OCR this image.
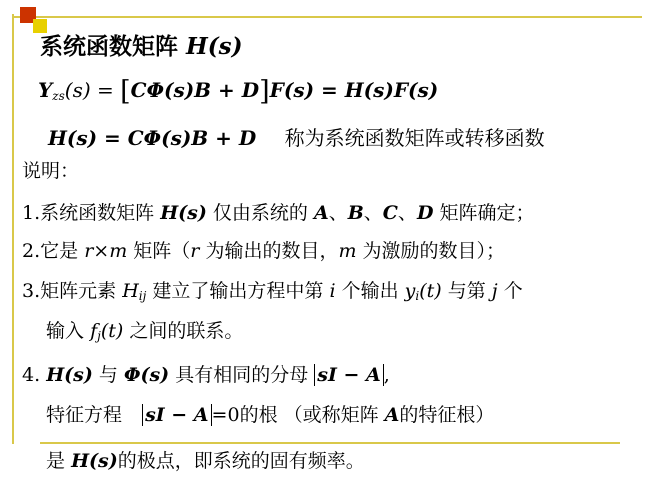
系统函数矩阵 H(s)
$Y_{zs}(s) = [C\Phi(s)B + D]F(s) = H(s)F(s)$
H(s) = CΦ(s)B + D 称为系统函数矩阵或转移函数
说明：
1.系统函数矩阵 H(s) 仅由系统的 A、B、C、D 矩阵确定；
2.它是 r×m 矩阵（r 为输出的数目，m 为激励的数目）；
3.矩阵元素 $H_{ij}$ 建立了输出方程中第 i 个输出 $y_i(t)$ 与第 j 个
输入 $f_j(t)$ 之间的联系。
4. H(s) 与 Φ(s) 具有相同的分母 sI − A ,
特征方程 sI − A =0的根 （或称矩阵 A的特征根）
是 H(s)的极点，即系统的固有频率。
